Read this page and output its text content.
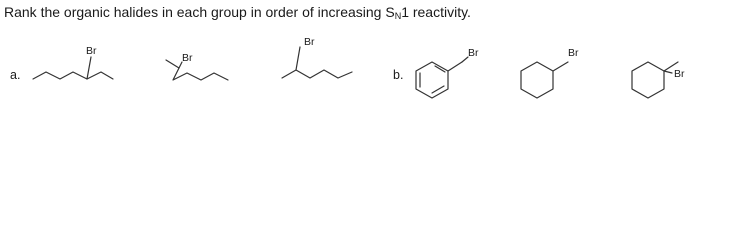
Rank the organic halides in each group in order of increasing $S_N1$ reactivity.
a.	b.
Br
Br
Br
Br	Br
Br
